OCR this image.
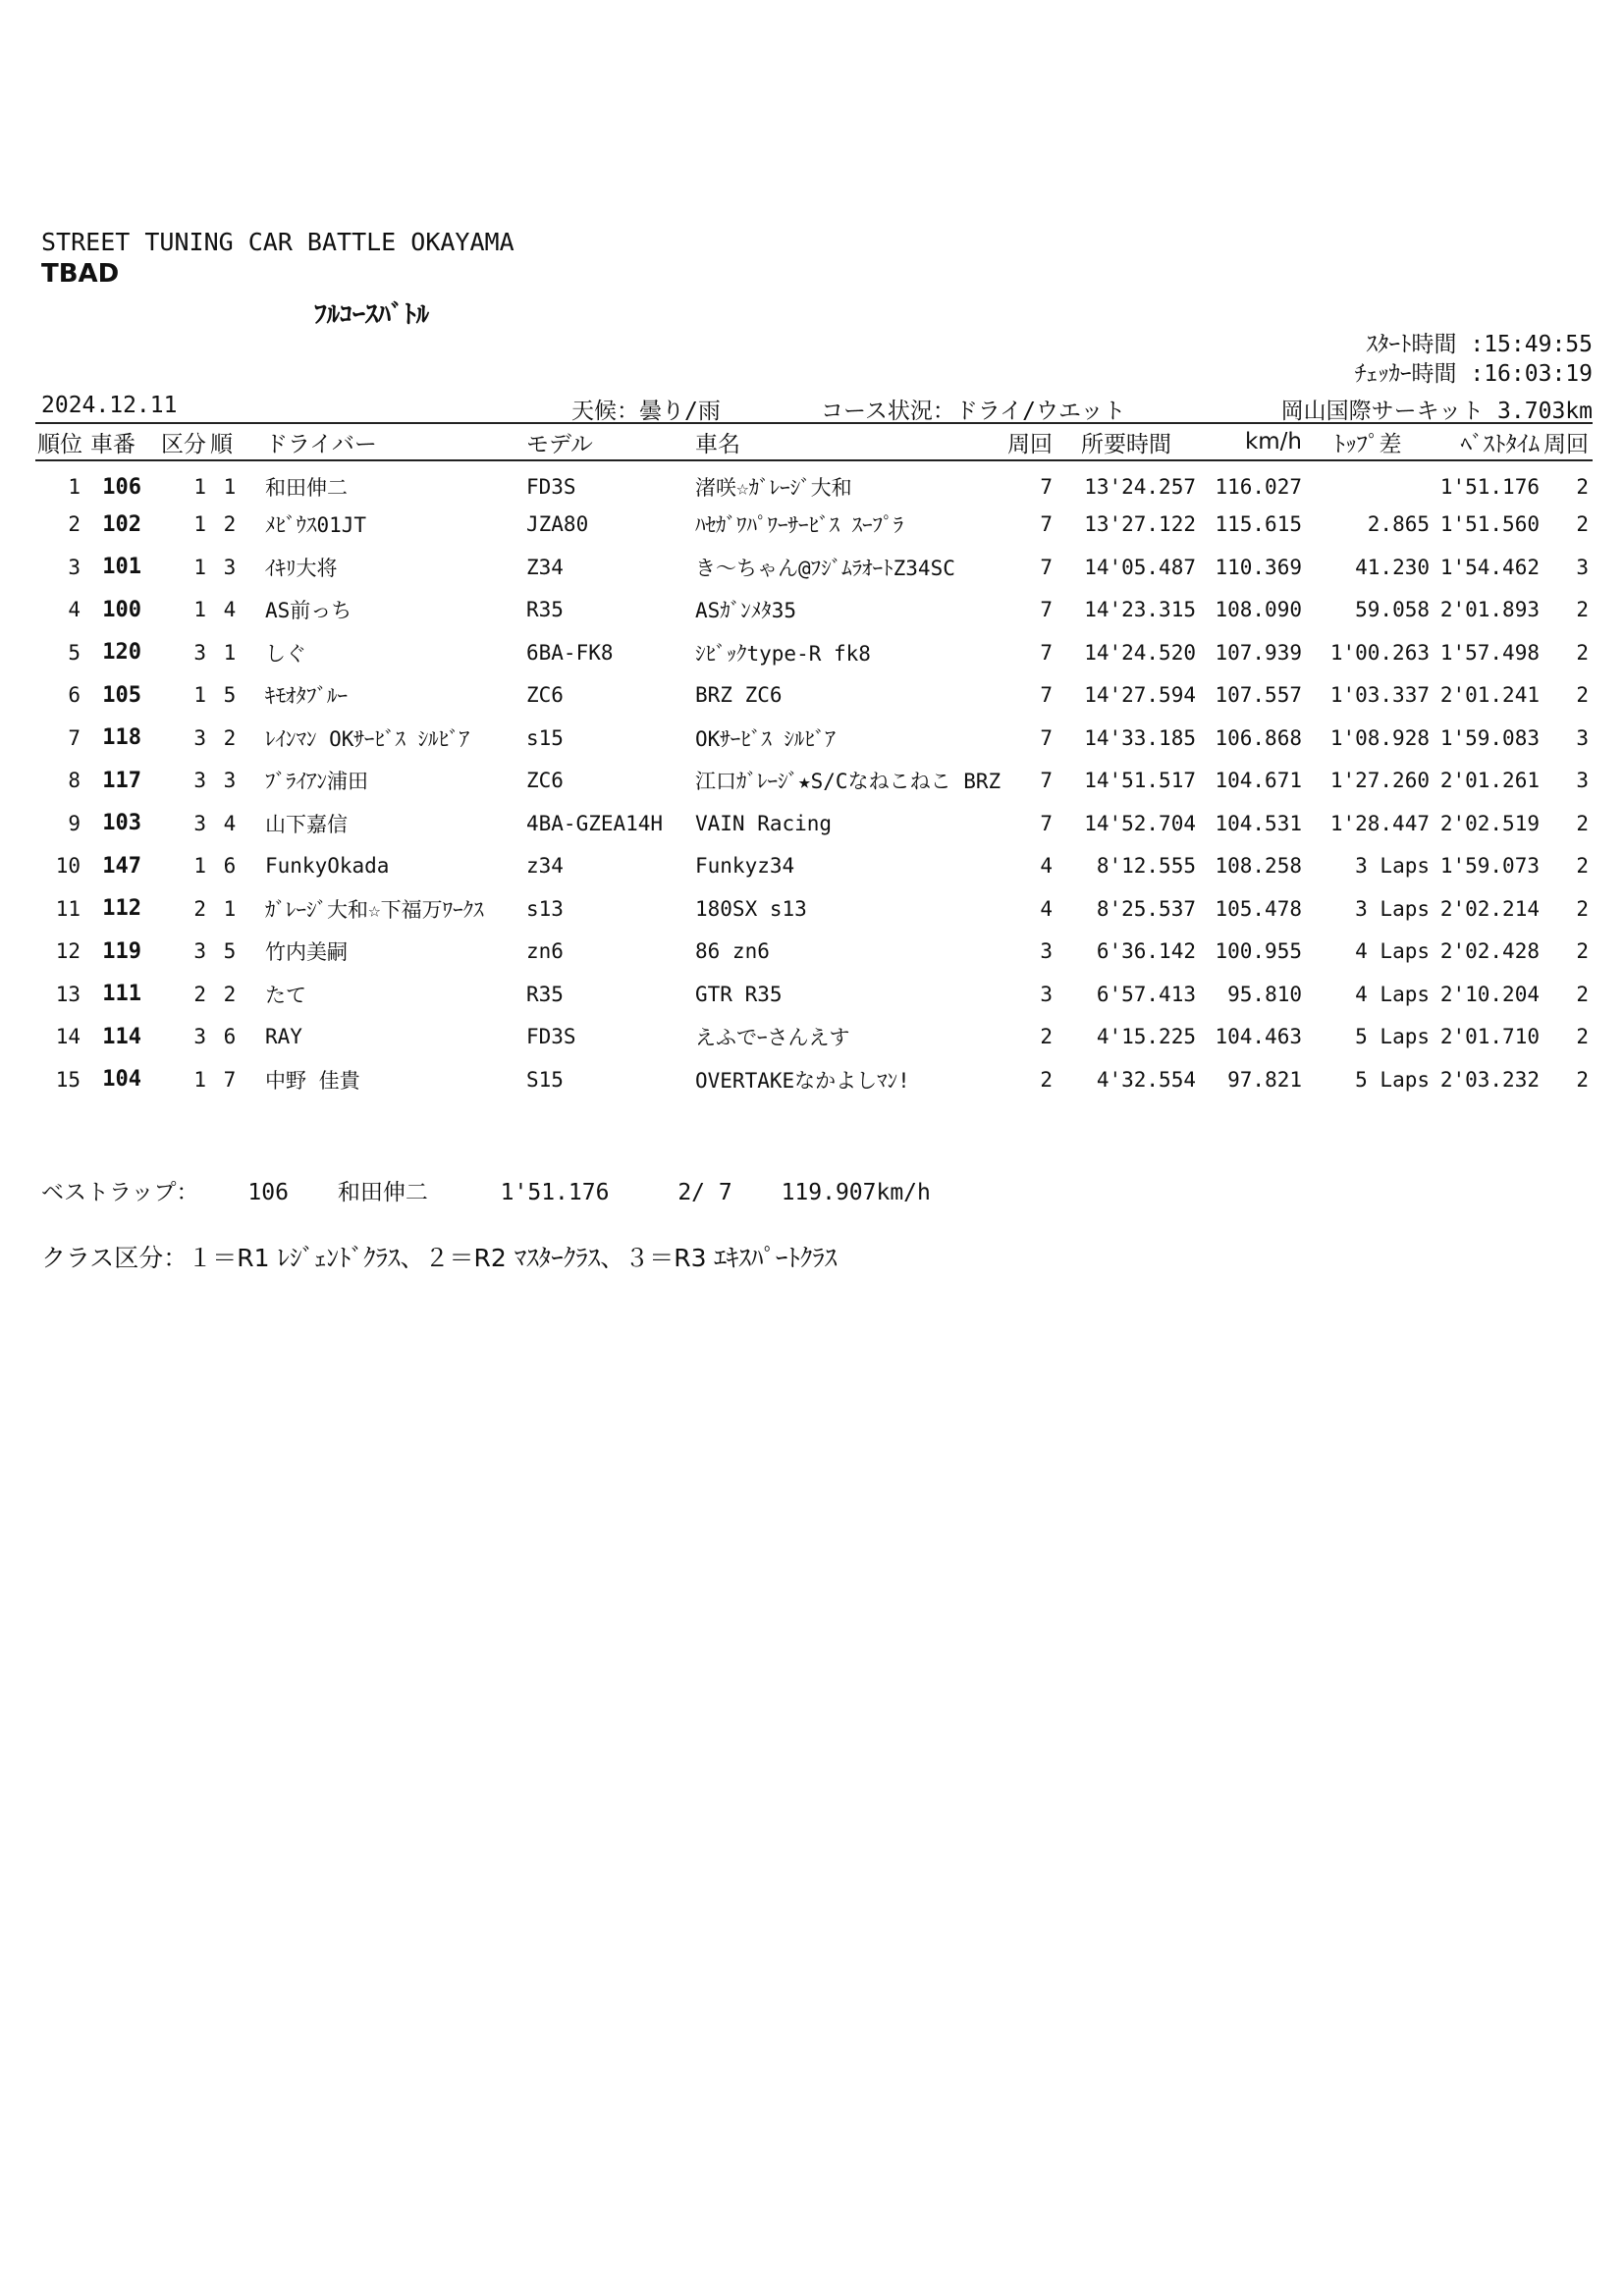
STREET TUNING CAR BATTLE OKAYAMA
TBAD
ﾌﾙｺｰｽﾊﾞﾄﾙ
ｽﾀｰﾄ時間 :15:49:55
ﾁｪｯｶｰ時間 :16:03:19
2024.12.11	天候：曇り/雨	コース状況：ドライ/ウエット	岡山国際サーキット 3.703km
順位	車番	区分	順	ドライバー	モデル	車名	周回	所要時間	km/h	ﾄｯﾌﾟ差	ﾍﾞｽﾄﾀｲﾑ	周回
1	106	1	1	和田伸二	FD3S	渚咲☆ｶﾞﾚｰｼﾞ大和	7	13'24.257	116.027		1'51.176	2
2	102	1	2	ﾒﾋﾞｳｽ01JT	JZA80	ﾊｾｶﾞﾜﾊﾟﾜｰｻｰﾋﾞｽ ｽｰﾌﾟﾗ	7	13'27.122	115.615	2.865	1'51.560	2
3	101	1	3	ｲｷﾘ大将	Z34	き～ちゃん@ﾌｼﾞﾑﾗｵｰﾄZ34SC	7	14'05.487	110.369	41.230	1'54.462	3
4	100	1	4	AS前っち	R35	ASｶﾞﾝﾒﾀ35	7	14'23.315	108.090	59.058	2'01.893	2
5	120	3	1	しぐ	6BA-FK8	ｼﾋﾞｯｸtype-R fk8	7	14'24.520	107.939	1'00.263	1'57.498	2
6	105	1	5	ｷﾓｵﾀﾌﾞﾙｰ	ZC6	BRZ ZC6	7	14'27.594	107.557	1'03.337	2'01.241	2
7	118	3	2	ﾚｲﾝﾏﾝ OKｻｰﾋﾞｽ ｼﾙﾋﾞｱ	s15	OKｻｰﾋﾞｽ ｼﾙﾋﾞｱ	7	14'33.185	106.868	1'08.928	1'59.083	3
8	117	3	3	ﾌﾞﾗｲｱﾝ浦田	ZC6	江口ｶﾞﾚｰｼﾞ★S/Cなねこねこ BRZ	7	14'51.517	104.671	1'27.260	2'01.261	3
9	103	3	4	山下嘉信	4BA-GZEA14H	VAIN Racing	7	14'52.704	104.531	1'28.447	2'02.519	2
10	147	1	6	FunkyOkada	z34	Funkyz34	4	8'12.555	108.258	3 Laps	1'59.073	2
11	112	2	1	ｶﾞﾚｰｼﾞ大和☆下福万ﾜｰｸｽ	s13	180SX s13	4	8'25.537	105.478	3 Laps	2'02.214	2
12	119	3	5	竹内美嗣	zn6	86 zn6	3	6'36.142	100.955	4 Laps	2'02.428	2
13	111	2	2	たて	R35	GTR R35	3	6'57.413	95.810	4 Laps	2'10.204	2
14	114	3	6	RAY	FD3S	えふでｰさんえす	2	4'15.225	104.463	5 Laps	2'01.710	2
15	104	1	7	中野 佳貴	S15	OVERTAKEなかよしﾏﾝ!	2	4'32.554	97.821	5 Laps	2'03.232	2
ベストラップ： 106 和田伸二	1'51.176	2/ 7 119.907km/h
クラス区分：１＝R1 ﾚｼﾞｪﾝﾄﾞｸﾗｽ、２＝R2 ﾏｽﾀｰｸﾗｽ、３＝R3 ｴｷｽﾊﾟｰﾄｸﾗｽ
